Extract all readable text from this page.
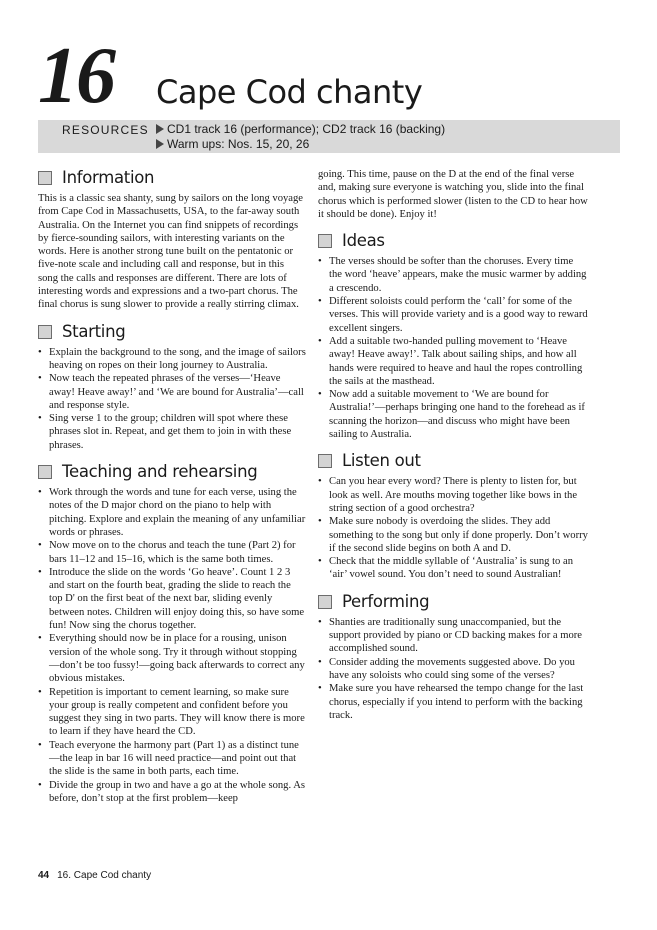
16 Cape Cod chanty
RESOURCES	CD1 track 16 (performance); CD2 track 16 (backing)
Warm ups: Nos. 15, 20, 26
Information

This is a classic sea shanty, sung by sailors on the long voyage from Cape Cod in Massachusetts, USA, to the far-away south Australia. On the Internet you can find snippets of recordings by fierce-sounding sailors, with interesting variants on the words. Here is another strong tune built on the pentatonic or five-note scale and including call and response, but in this song the calls and responses are different. There are lots of interesting words and expressions and a two-part chorus. The final chorus is sung slower to provide a really stirring climax.

Starting
• Explain the background to the song, and the image of sailors heaving on ropes on their long journey to Australia.
• Now teach the repeated phrases of the verses—‘Heave away! Heave away!’ and ‘We are bound for Australia’—call and response style.
• Sing verse 1 to the group; children will spot where these phrases slot in. Repeat, and get them to join in with these phrases.
Teaching and rehearsing
• Work through the words and tune for each verse, using the notes of the D major chord on the piano to help with pitching. Explore and explain the meaning of any unfamiliar words or phrases.
• Now move on to the chorus and teach the tune (Part 2) for bars 11–12 and 15–16, which is the same both times.
• Introduce the slide on the words ‘Go heave’. Count 1 2 3 and start on the fourth beat, grading the slide to reach the top D' on the first beat of the next bar, sliding evenly between notes. Children will enjoy doing this, so have some fun! Now sing the chorus together.
• Everything should now be in place for a rousing, unison version of the whole song. Try it through without stopping—don’t be too fussy!—going back afterwards to correct any obvious mistakes.
• Repetition is important to cement learning, so make sure your group is really competent and confident before you suggest they sing in two parts. They will know there is more to learn if they have heard the CD.
• Teach everyone the harmony part (Part 1) as a distinct tune—the leap in bar 16 will need practice—and point out that the slide is the same in both parts, each time.
• Divide the group in two and have a go at the whole song. As before, don’t stop at the first problem—keep

going. This time, pause on the D at the end of the final verse and, making sure everyone is watching you, slide into the final chorus which is performed slower (listen to the CD to hear how it should be done). Enjoy it!

Ideas
• The verses should be softer than the choruses. Every time the word ‘heave’ appears, make the music warmer by adding a crescendo.
• Different soloists could perform the ‘call’ for some of the verses. This will provide variety and is a good way to reward excellent singers.
• Add a suitable two-handed pulling movement to ‘Heave away! Heave away!’. Talk about sailing ships, and how all hands were required to heave and haul the ropes controlling the sails at the masthead.
• Now add a suitable movement to ‘We are bound for Australia!’—perhaps bringing one hand to the forehead as if scanning the horizon—and discuss who might have been sailing to Australia.
Listen out
• Can you hear every word? There is plenty to listen for, but look as well. Are mouths moving together like bows in the string section of a good orchestra?
• Make sure nobody is overdoing the slides. They add something to the song but only if done properly. Don’t worry if the second slide begins on both A and D.
• Check that the middle syllable of ‘Australia’ is sung to an ‘air’ vowel sound. You don’t need to sound Australian!
Performing
• Shanties are traditionally sung unaccompanied, but the support provided by piano or CD backing makes for a more accomplished sound.
• Consider adding the movements suggested above. Do you have any soloists who could sing some of the verses?
• Make sure you have rehearsed the tempo change for the last chorus, especially if you intend to perform with the backing track.
44 16. Cape Cod chanty
